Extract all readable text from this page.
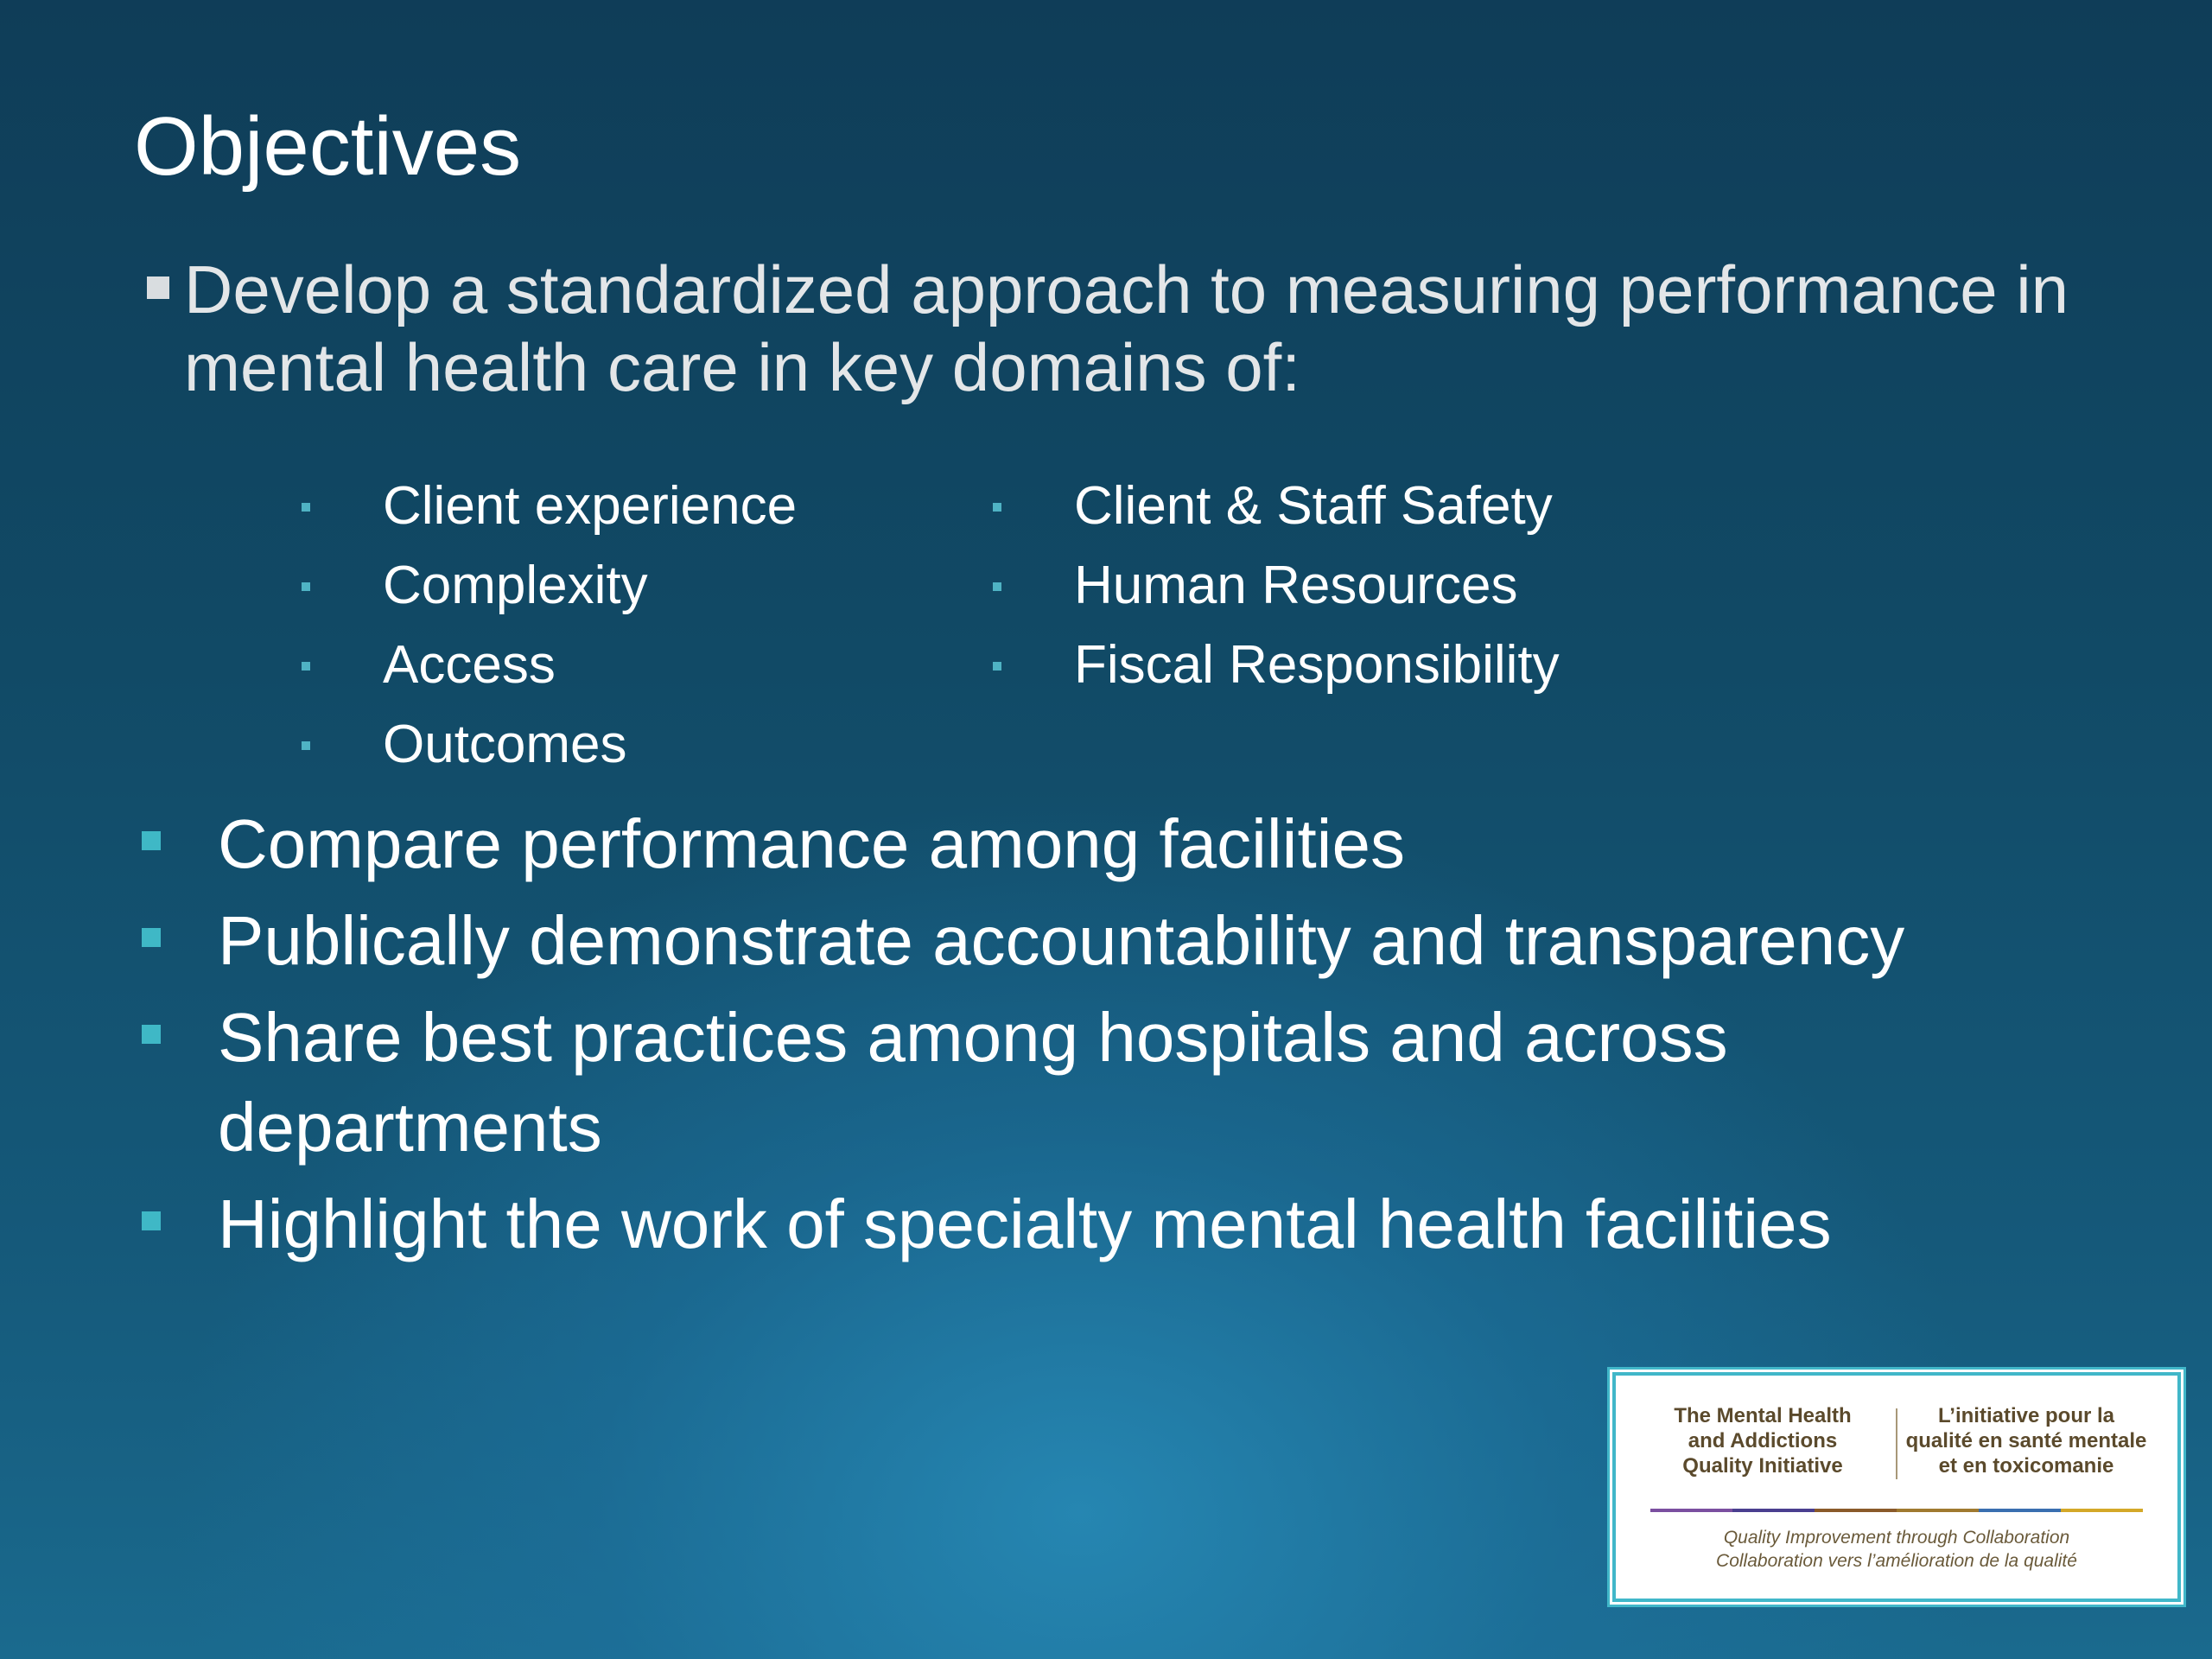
Objectives
Develop a standardized approach to measuring performance in mental health care in key domains of:
Client experience
Complexity
Access
Outcomes
Client & Staff Safety
Human Resources
Fiscal Responsibility
Compare performance among facilities
Publically demonstrate accountability and transparency
Share best practices among hospitals and across departments
Highlight the work of specialty mental health facilities
The Mental Health
and Addictions
Quality Initiative
L’initiative pour la
qualité en santé mentale
et en toxicomanie
Quality Improvement through Collaboration
Collaboration vers l’amélioration de la qualité
